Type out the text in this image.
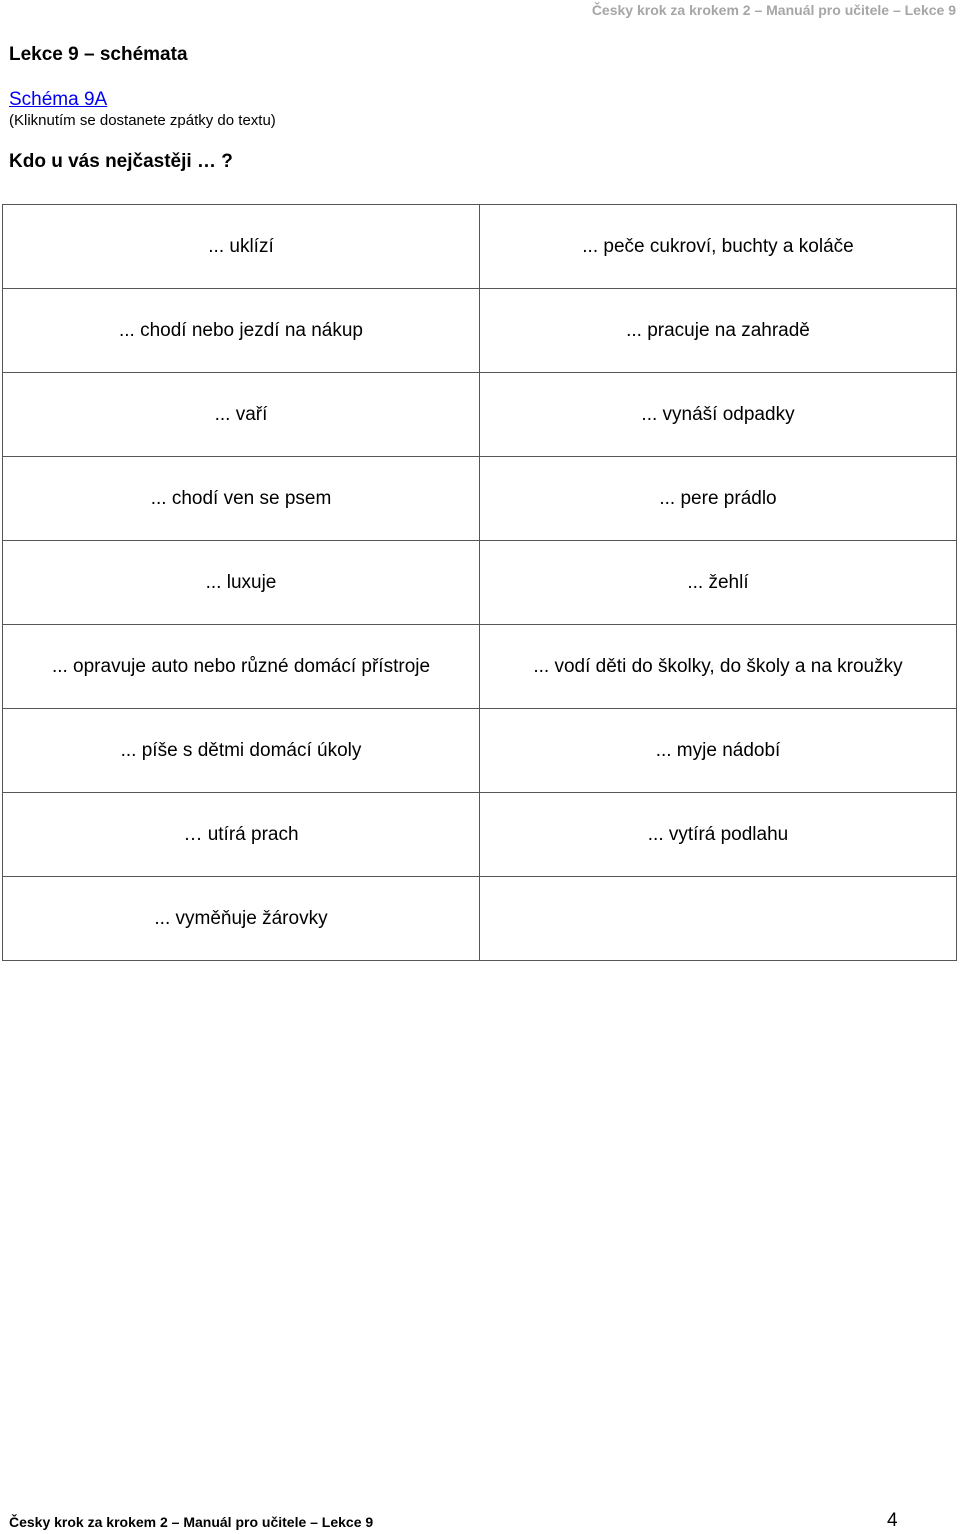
Česky krok za krokem 2 – Manuál pro učitele – Lekce 9
Lekce 9 – schémata
Schéma 9A
(Kliknutím se dostanete zpátky do textu)
Kdo u vás nejčastěji … ?
... uklízí	... peče cukroví, buchty a koláče
... chodí nebo jezdí na nákup	... pracuje na zahradě
... vaří	... vynáší odpadky
... chodí ven se psem	... pere prádlo
... luxuje	... žehlí
... opravuje auto nebo různé domácí přístroje	... vodí děti do školky, do školy a na kroužky
... píše s dětmi domácí úkoly	... myje nádobí
… utírá prach	... vytírá podlahu
... vyměňuje žárovky	
Česky krok za krokem 2 – Manuál pro učitele – Lekce 9	4
